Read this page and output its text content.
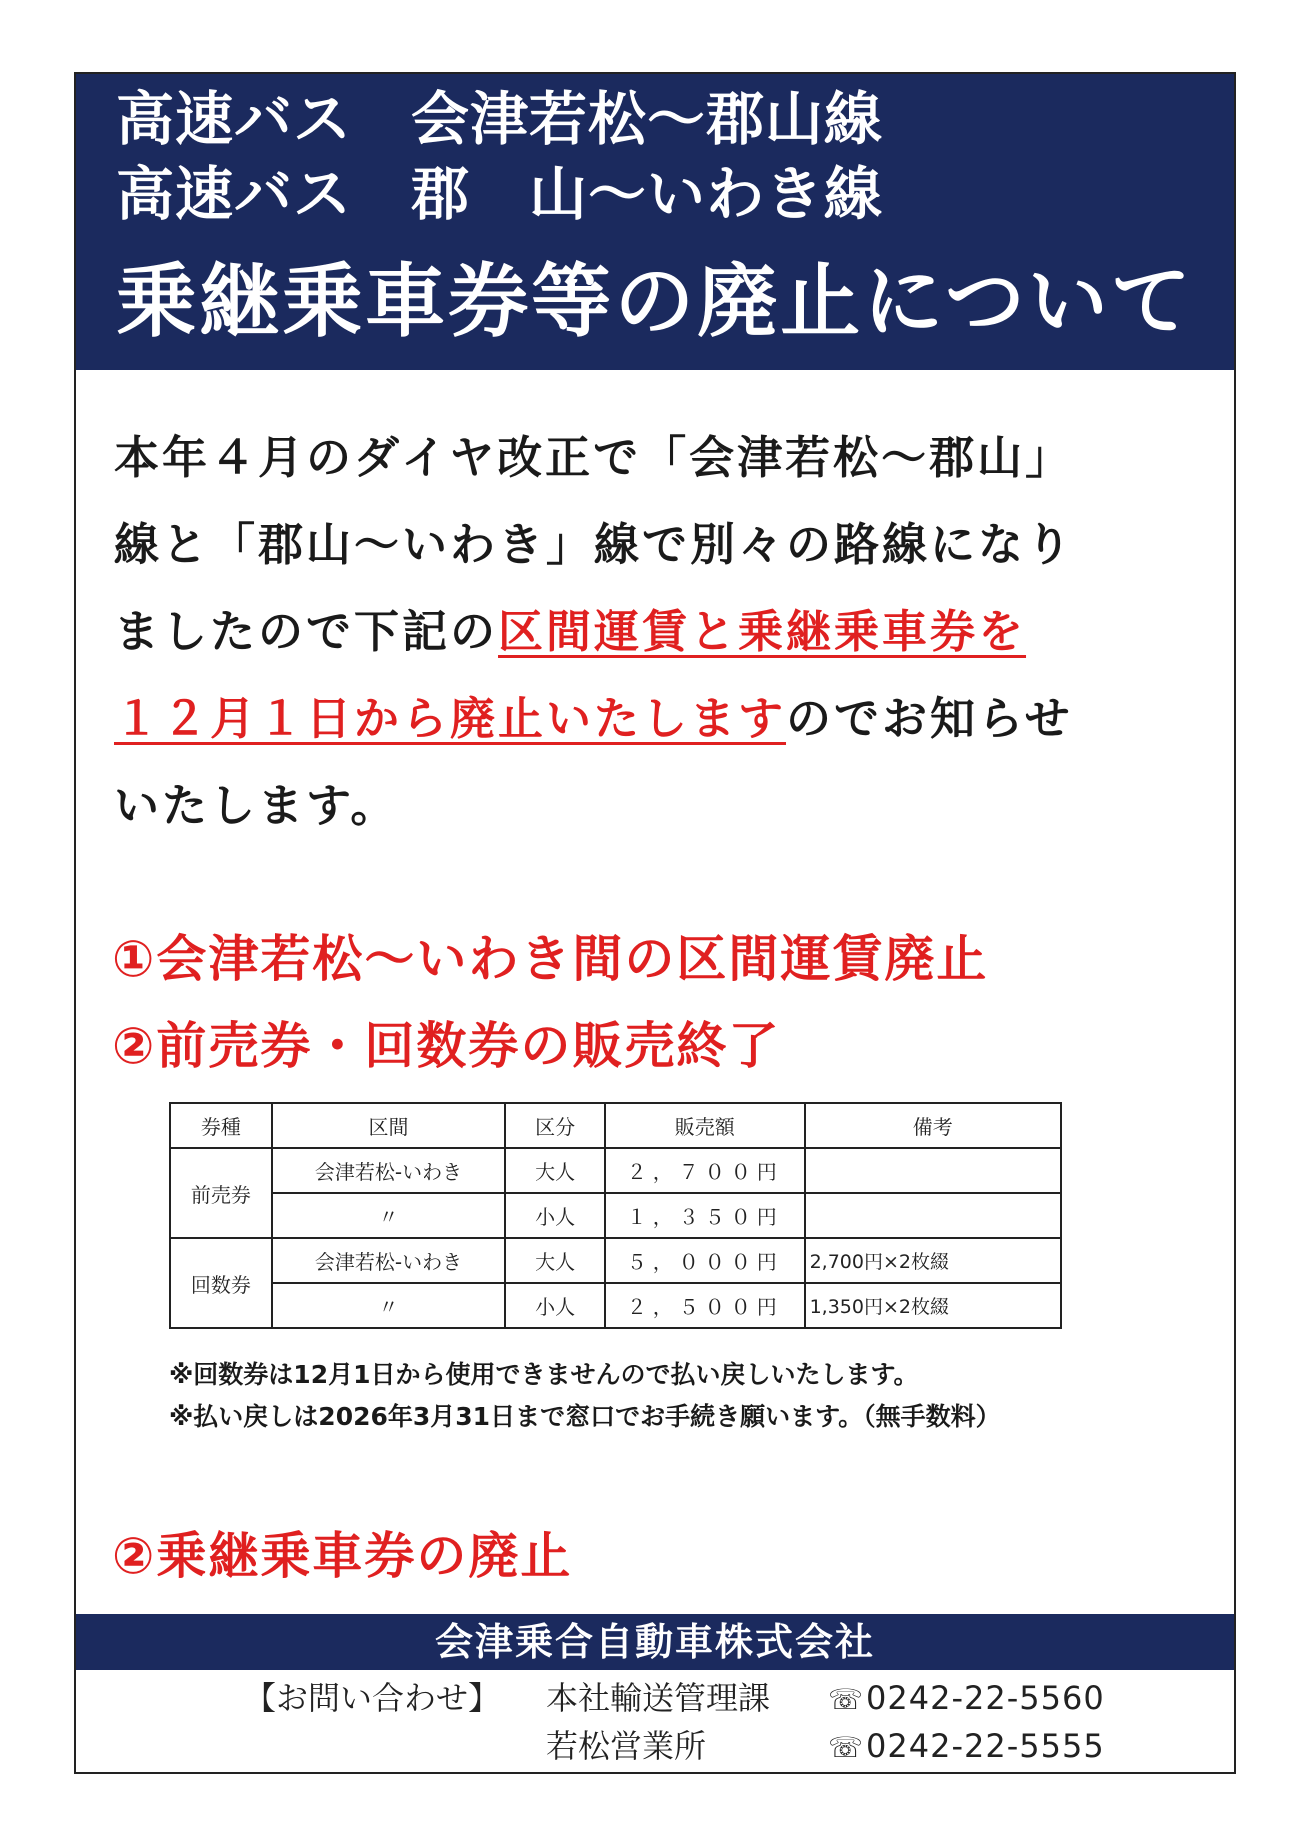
高速バス　会津若松～郡山線
高速バス　郡　山～いわき線
乗継乗車券等の廃止について
本年４月のダイヤ改正で「会津若松～郡山」
線と「郡山～いわき」線で別々の路線になり
ましたので下記の区間運賃と乗継乗車券を
１２月１日から廃止いたしますのでお知らせ
いたします。
①会津若松～いわき間の区間運賃廃止
②前売券・回数券の販売終了
券種	区間	区分	販売額	備考
前売券	会津若松-いわき	大人	２，７００円	
	〃	小人	１，３５０円	
回数券	会津若松-いわき	大人	５，０００円	2,700円×2枚綴
	〃	小人	２，５００円	1,350円×2枚綴
※回数券は12月1日から使用できませんので払い戻しいたします。
※払い戻しは2026年3月31日まで窓口でお手続き願います。（無手数料）
②乗継乗車券の廃止
会津乗合自動車株式会社
【お問い合わせ】 本社輸送管理課 ☏0242-22-5560
若松営業所	☏0242-22-5555
